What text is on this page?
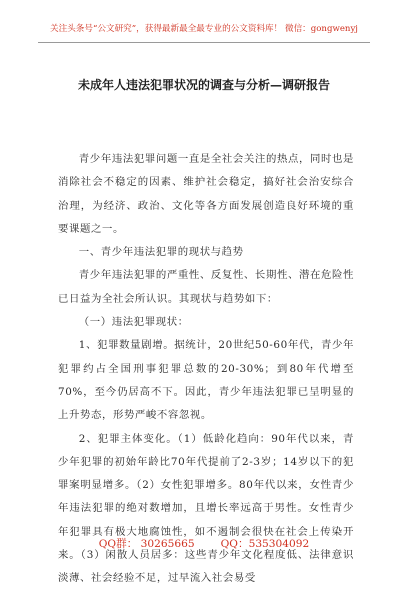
关注头条号“公文研究”，获得最新最全最专业的公文资料库！ 微信：gongwenyj
未成年人违法犯罪状况的调查与分析—调研报告

青少年违法犯罪问题一直是全社会关注的热点，同时也是消除社会不稳定的因素、维护社会稳定，搞好社会治安综合治理，为经济、政治、文化等各方面发展创造良好环境的重要课题之一。

一、青少年违法犯罪的现状与趋势

青少年违法犯罪的严重性、反复性、长期性、潜在危险性已日益为全社会所认识。其现状与趋势如下：

（一）违法犯罪现状：

1、犯罪数量剧增。据统计，20世纪50-60年代，青少年犯罪约占全国刑事犯罪总数的20-30%；到80年代增至70%，至今仍居高不下。因此，青少年违法犯罪已呈明显的上升势态，形势严峻不容忽视。

2、犯罪主体变化。（1）低龄化趋向：90年代以来，青少年犯罪的初始年龄比70年代提前了2-3岁；14岁以下的犯罪案明显增多。（2）女性犯罪增多。80年代以来，女性青少年违法犯罪的绝对数增加，且增长率远高于男性。女性青少年犯罪具有极大地腐蚀性，如不遏制会很快在社会上传染开来。（3）闲散人员居多：这些青少年文化程度低、法律意识淡薄、社会经验不足，过早流入社会易受

QQ群： 30265665 QQ：535304092
